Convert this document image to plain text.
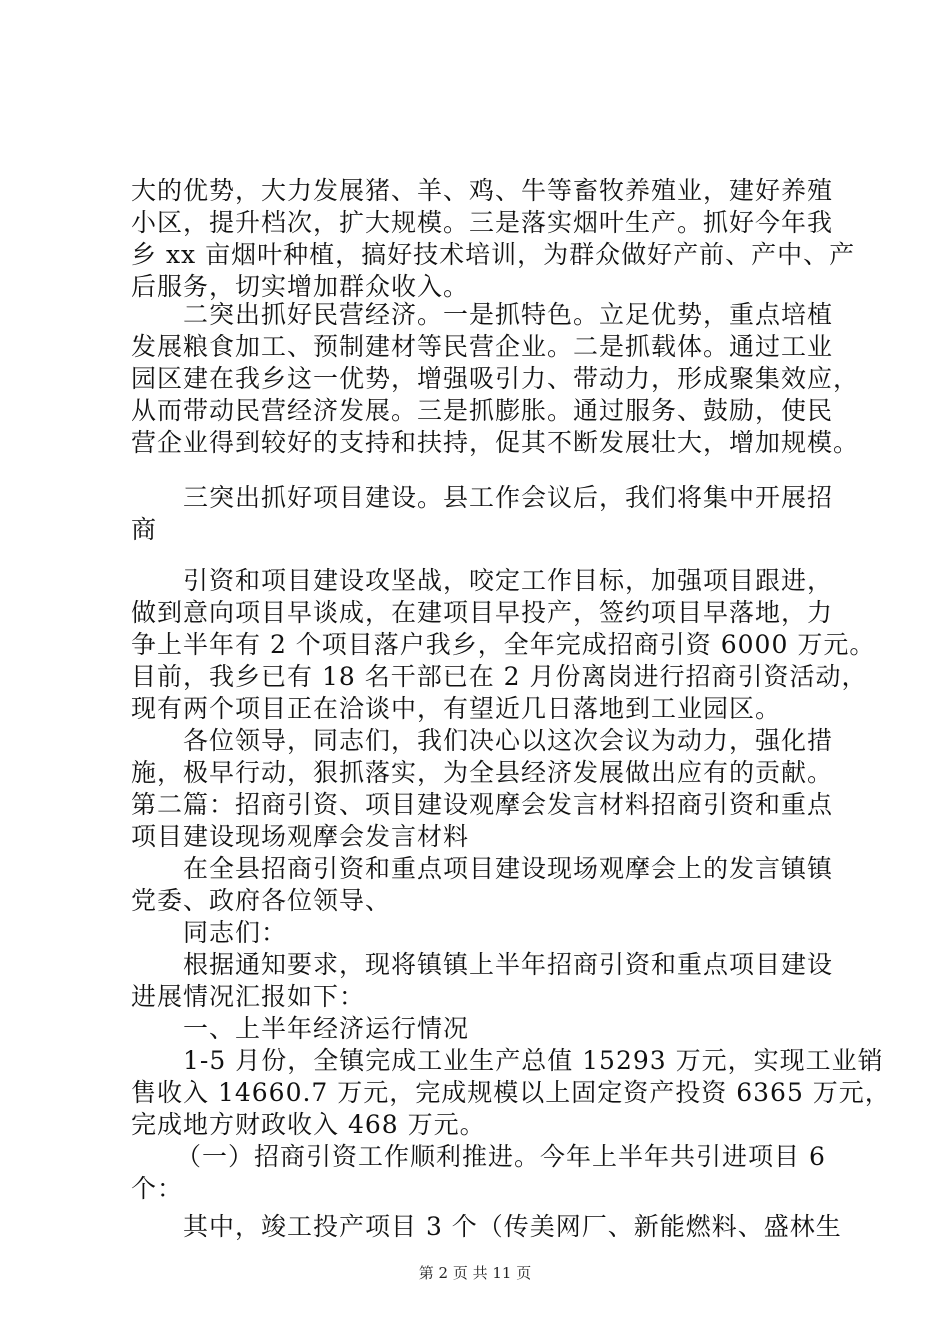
大的优势，大力发展猪、羊、鸡、牛等畜牧养殖业，建好养殖
小区，提升档次，扩大规模。三是落实烟叶生产。抓好今年我
乡 xx 亩烟叶种植，搞好技术培训，为群众做好产前、产中、产
后服务，切实增加群众收入。
二突出抓好民营经济。一是抓特色。立足优势，重点培植
发展粮食加工、预制建材等民营企业。二是抓载体。通过工业
园区建在我乡这一优势，增强吸引力、带动力，形成聚集效应，
从而带动民营经济发展。三是抓膨胀。通过服务、鼓励，使民
营企业得到较好的支持和扶持，促其不断发展壮大，增加规模。
三突出抓好项目建设。县工作会议后，我们将集中开展招
商
引资和项目建设攻坚战，咬定工作目标，加强项目跟进，
做到意向项目早谈成，在建项目早投产，签约项目早落地，力
争上半年有 2 个项目落户我乡，全年完成招商引资 6000 万元。
目前，我乡已有 18 名干部已在 2 月份离岗进行招商引资活动，
现有两个项目正在洽谈中，有望近几日落地到工业园区。
各位领导，同志们，我们决心以这次会议为动力，强化措
施，极早行动，狠抓落实，为全县经济发展做出应有的贡献。
第二篇：招商引资、项目建设观摩会发言材料招商引资和重点
项目建设现场观摩会发言材料
在全县招商引资和重点项目建设现场观摩会上的发言镇镇
党委、政府各位领导、
同志们：
根据通知要求，现将镇镇上半年招商引资和重点项目建设
进展情况汇报如下：
一、上半年经济运行情况
1-5 月份，全镇完成工业生产总值 15293 万元，实现工业销
售收入 14660.7 万元，完成规模以上固定资产投资 6365 万元，
完成地方财政收入 468 万元。
（一）招商引资工作顺利推进。今年上半年共引进项目 6
个：
其中，竣工投产项目 3 个（传美网厂、新能燃料、盛林生
第 2 页 共 11 页
